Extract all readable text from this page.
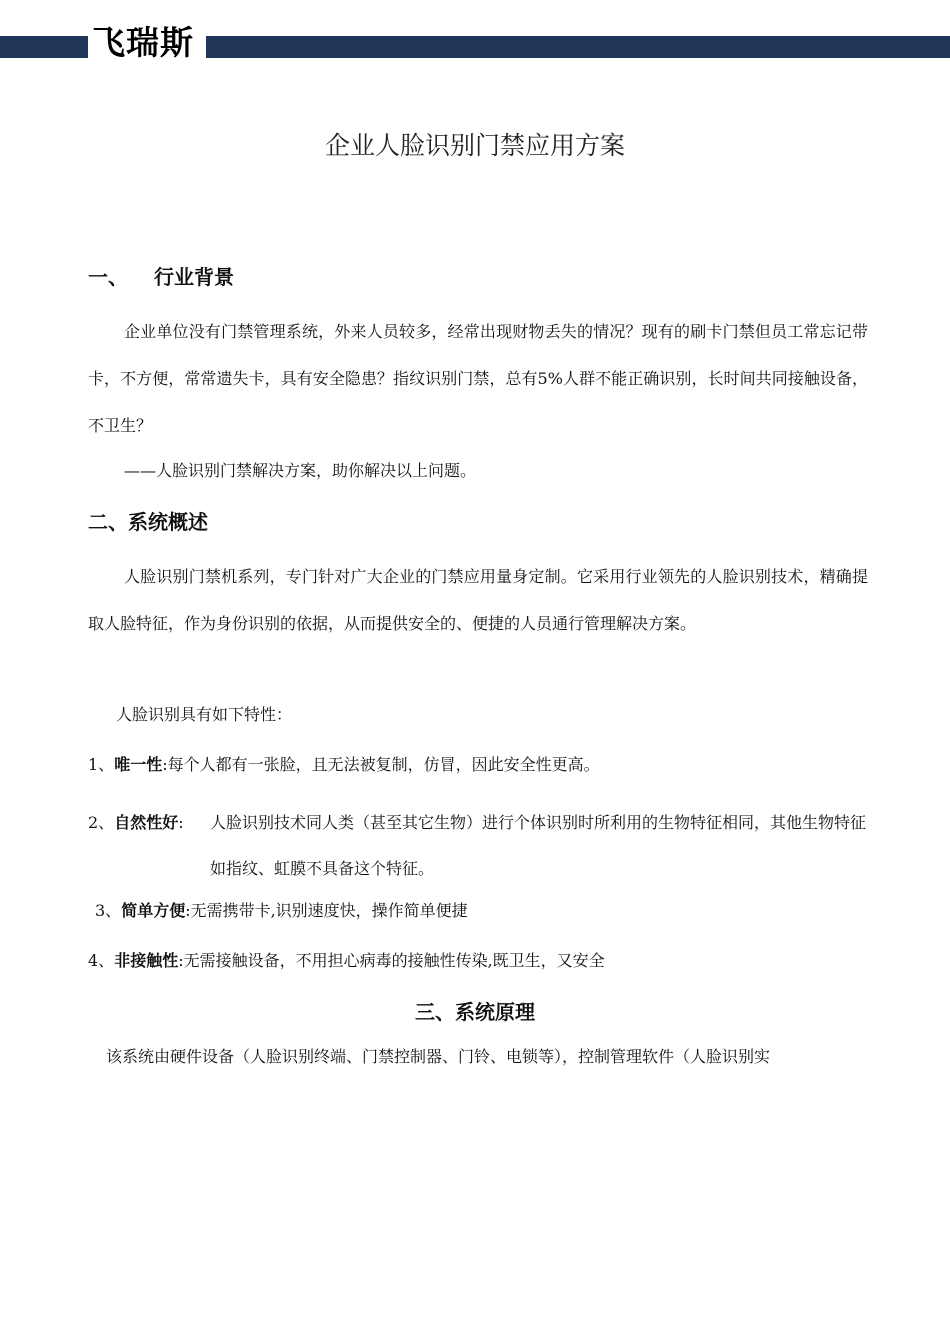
飞瑞斯
企业人脸识别门禁应用方案
一、 行业背景

企业单位没有门禁管理系统，外来人员较多，经常出现财物丢失的情况？现有的刷卡门禁但员工常忘记带卡，不方便，常常遗失卡，具有安全隐患？指纹识别门禁，总有5%人群不能正确识别，长时间共同接触设备，不卫生？

——人脸识别门禁解决方案，助你解决以上问题。
二、系统概述

人脸识别门禁机系列，专门针对广大企业的门禁应用量身定制。它采用行业领先的人脸识别技术，精确提取人脸特征，作为身份识别的依据，从而提供安全的、便捷的人员通行管理解决方案。

人脸识别具有如下特性：
1、唯一性:每个人都有一张脸，且无法被复制，仿冒，因此安全性更高。
2、自然性好: 人脸识别技术同人类（甚至其它生物）进行个体识别时所利用的生物特征相同，其他生物特征如指纹、虹膜不具备这个特征。
3、简单方便:无需携带卡,识别速度快，操作简单便捷
4、非接触性:无需接触设备，不用担心病毒的接触性传染,既卫生，又安全
三、系统原理
该系统由硬件设备（人脸识别终端、门禁控制器、门铃、电锁等），控制管理软件（人脸识别实
